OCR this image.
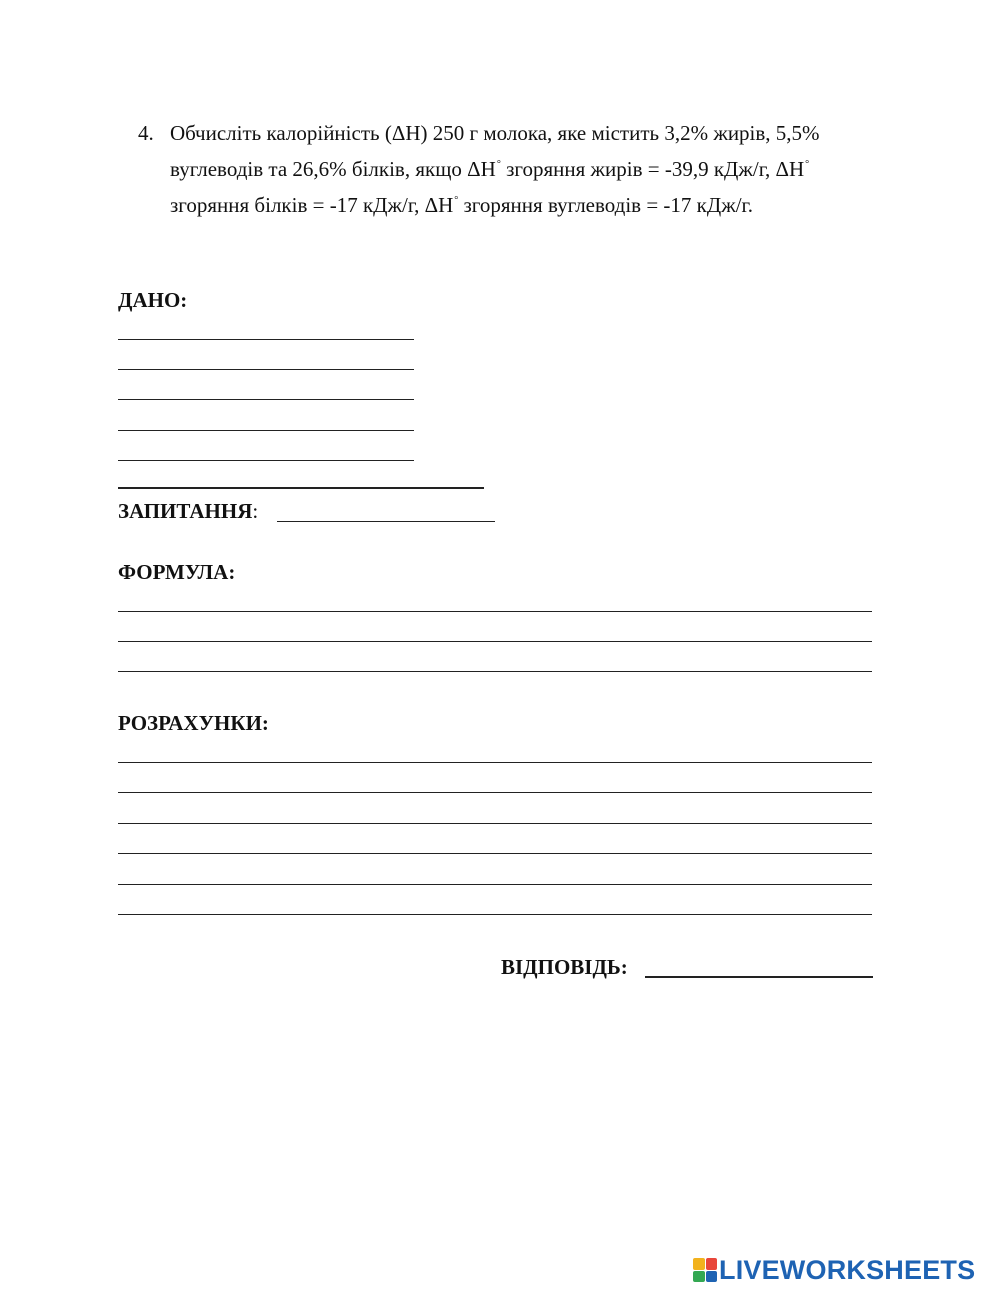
4. Обчисліть калорійність (ΔH) 250 г молока, яке містить 3,2% жирів, 5,5%
вуглеводів та 26,6% білків, якщо ΔH° згоряння жирів = -39,9 кДж/г, ΔH°
згоряння білків = -17 кДж/г, ΔH° згоряння вуглеводів = -17 кДж/г.
ДАНО:
ЗАПИТАННЯ:
ФОРМУЛА:
РОЗРАХУНКИ:
ВІДПОВІДЬ:
LIVEWORKSHEETS
